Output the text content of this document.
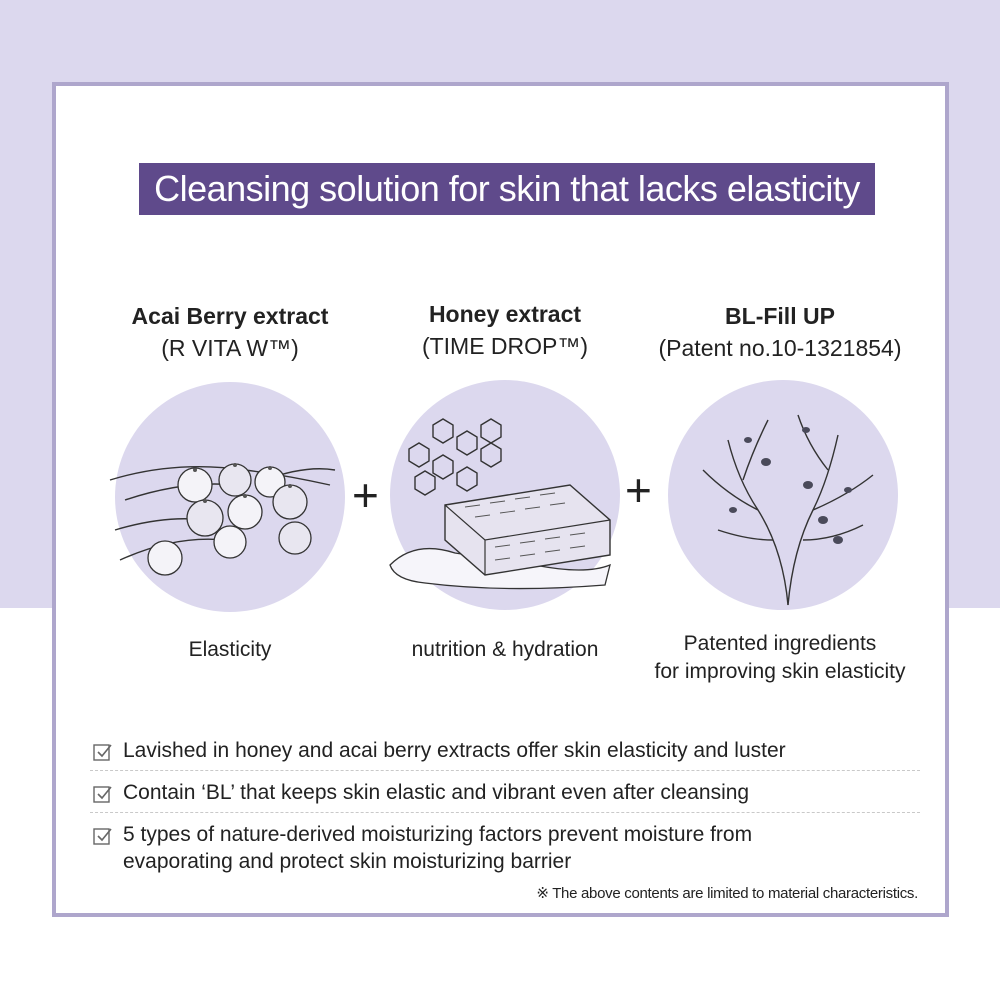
Cleansing solution for skin that lacks elasticity
Acai Berry extract
(R VITA W™)
Honey extract
(TIME DROP™)
BL-Fill UP
(Patent no.10-1321854)
+	+
Elasticity	nutrition & hydration	Patented ingredients
for improving skin elasticity
Lavished in honey and acai berry extracts offer skin elasticity and luster
Contain ‘BL’ that keeps skin elastic and vibrant even after cleansing
5 types of nature-derived moisturizing factors prevent moisture from evaporating and protect skin moisturizing barrier
※ The above contents are limited to material characteristics.
